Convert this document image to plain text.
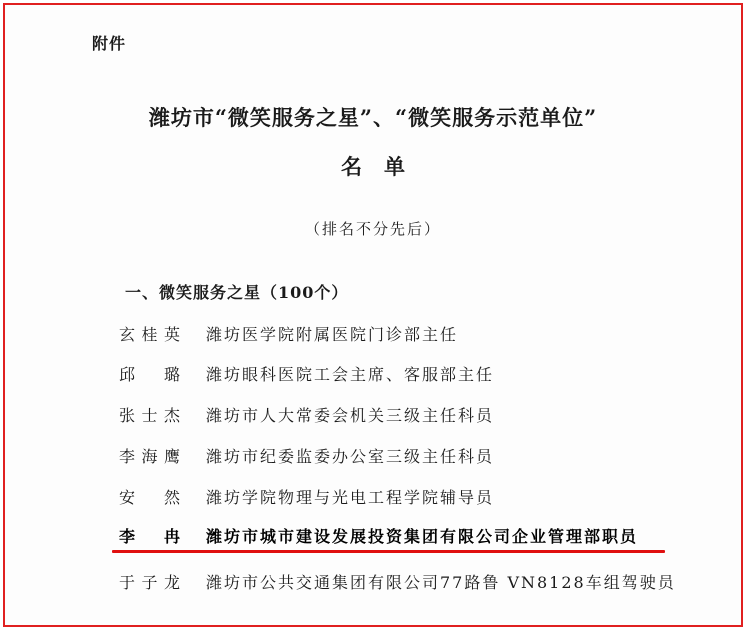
附件
潍坊市“微笑服务之星”、“微笑服务示范单位”
名单
（排名不分先后）
一、微笑服务之星（100个）
玄桂英 潍坊医学院附属医院门诊部主任
邱璐 潍坊眼科医院工会主席、客服部主任
张士杰 潍坊市人大常委会机关三级主任科员
李海鹰 潍坊市纪委监委办公室三级主任科员
安然 潍坊学院物理与光电工程学院辅导员
李冉 潍坊市城市建设发展投资集团有限公司企业管理部职员
于子龙 潍坊市公共交通集团有限公司77路鲁 VN8128车组驾驶员
